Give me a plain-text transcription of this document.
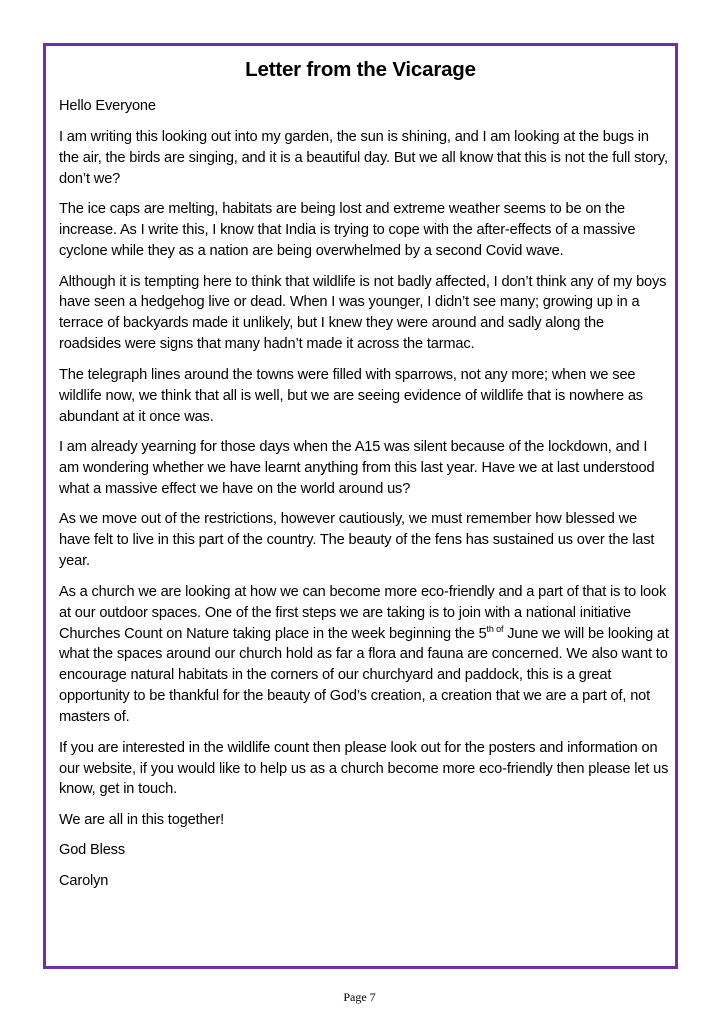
Letter from the Vicarage

Hello Everyone

I am writing this looking out into my garden, the sun is shining, and I am looking at the bugs in the air, the birds are singing, and it is a beautiful day. But we all know that this is not the full story, don’t we?

The ice caps are melting, habitats are being lost and extreme weather seems to be on the increase. As I write this, I know that India is trying to cope with the after-effects of a massive cyclone while they as a nation are being overwhelmed by a second Covid wave.

Although it is tempting here to think that wildlife is not badly affected, I don’t think any of my boys have seen a hedgehog live or dead. When I was younger, I didn’t see many; growing up in a terrace of backyards made it unlikely, but I knew they were around and sadly along the roadsides were signs that many hadn’t made it across the tarmac.

The telegraph lines around the towns were filled with sparrows, not any more; when we see wildlife now, we think that all is well, but we are seeing evidence of wildlife that is nowhere as abundant at it once was.

I am already yearning for those days when the A15 was silent because of the lockdown, and I am wondering whether we have learnt anything from this last year. Have we at last understood what a massive effect we have on the world around us?

As we move out of the restrictions, however cautiously, we must remember how blessed we have felt to live in this part of the country. The beauty of the fens has sustained us over the last year.

As a church we are looking at how we can become more eco-friendly and a part of that is to look at our outdoor spaces. One of the first steps we are taking is to join with a national initiative Churches Count on Nature taking place in the week beginning the $5^{th of}$ June we will be looking at what the spaces around our church hold as far a flora and fauna are concerned. We also want to encourage natural habitats in the corners of our churchyard and paddock, this is a great opportunity to be thankful for the beauty of God’s creation, a creation that we are a part of, not masters of.

If you are interested in the wildlife count then please look out for the posters and information on our website, if you would like to help us as a church become more eco-friendly then please let us know, get in touch.

We are all in this together!

God Bless

Carolyn

Page 7
